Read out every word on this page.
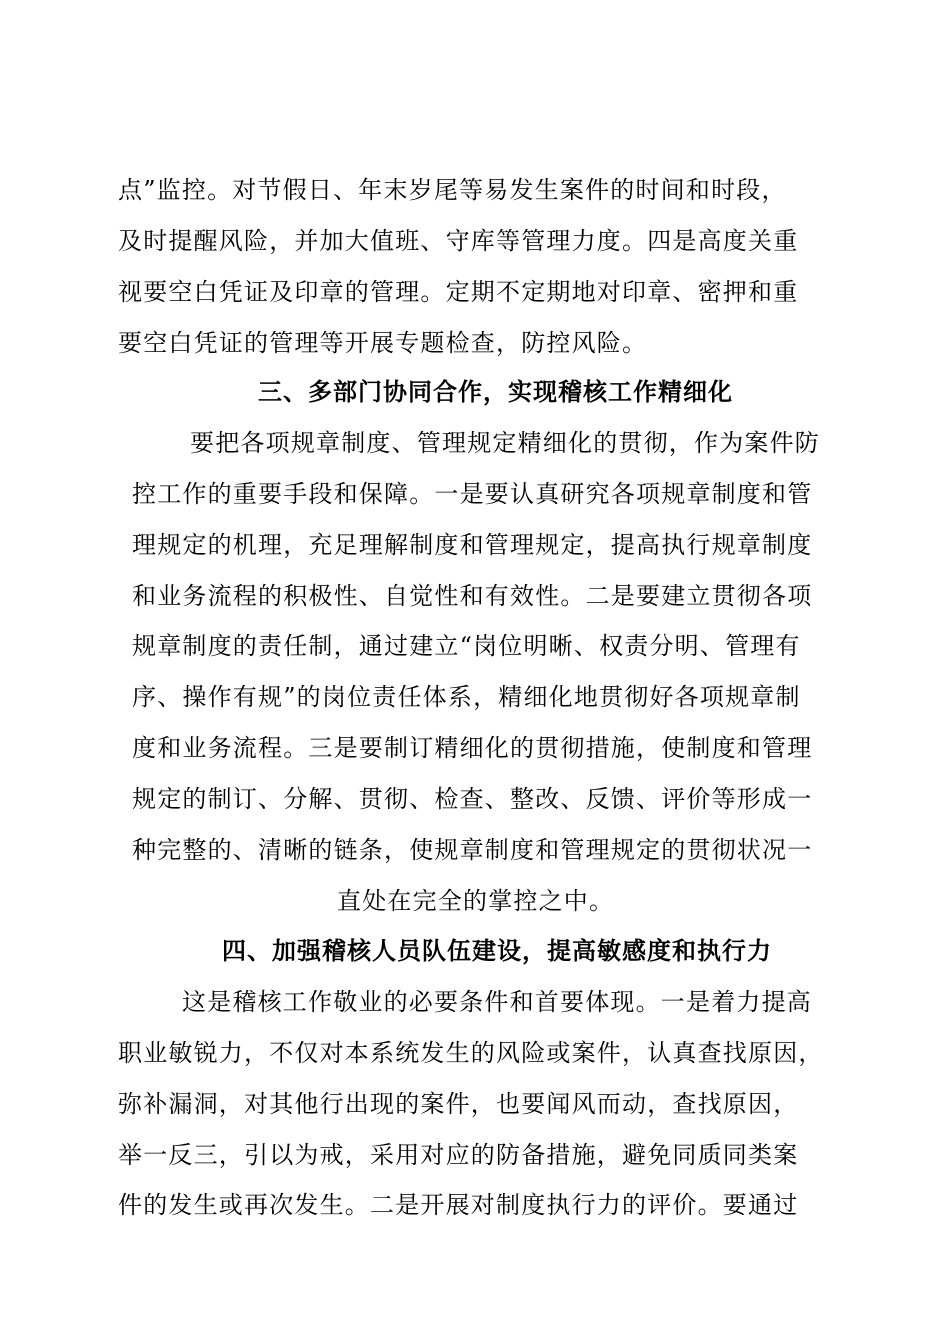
点”监控。对节假日、年末岁尾等易发生案件的时间和时段，
及时提醒风险，并加大值班、守库等管理力度。四是高度关重
视要空白凭证及印章的管理。定期不定期地对印章、密押和重
要空白凭证的管理等开展专题检查，防控风险。
三、多部门协同合作，实现稽核工作精细化
要把各项规章制度、管理规定精细化的贯彻，作为案件防
控工作的重要手段和保障。一是要认真研究各项规章制度和管
理规定的机理，充足理解制度和管理规定，提高执行规章制度
和业务流程的积极性、自觉性和有效性。二是要建立贯彻各项
规章制度的责任制，通过建立“岗位明晰、权责分明、管理有
序、操作有规”的岗位责任体系，精细化地贯彻好各项规章制
度和业务流程。三是要制订精细化的贯彻措施，使制度和管理
规定的制订、分解、贯彻、检查、整改、反馈、评价等形成一
种完整的、清晰的链条，使规章制度和管理规定的贯彻状况一
直处在完全的掌控之中。
四、加强稽核人员队伍建设，提高敏感度和执行力
这是稽核工作敬业的必要条件和首要体现。一是着力提高
职业敏锐力，不仅对本系统发生的风险或案件，认真查找原因，
弥补漏洞，对其他行出现的案件，也要闻风而动，查找原因，
举一反三，引以为戒，采用对应的防备措施，避免同质同类案
件的发生或再次发生。二是开展对制度执行力的评价。要通过
